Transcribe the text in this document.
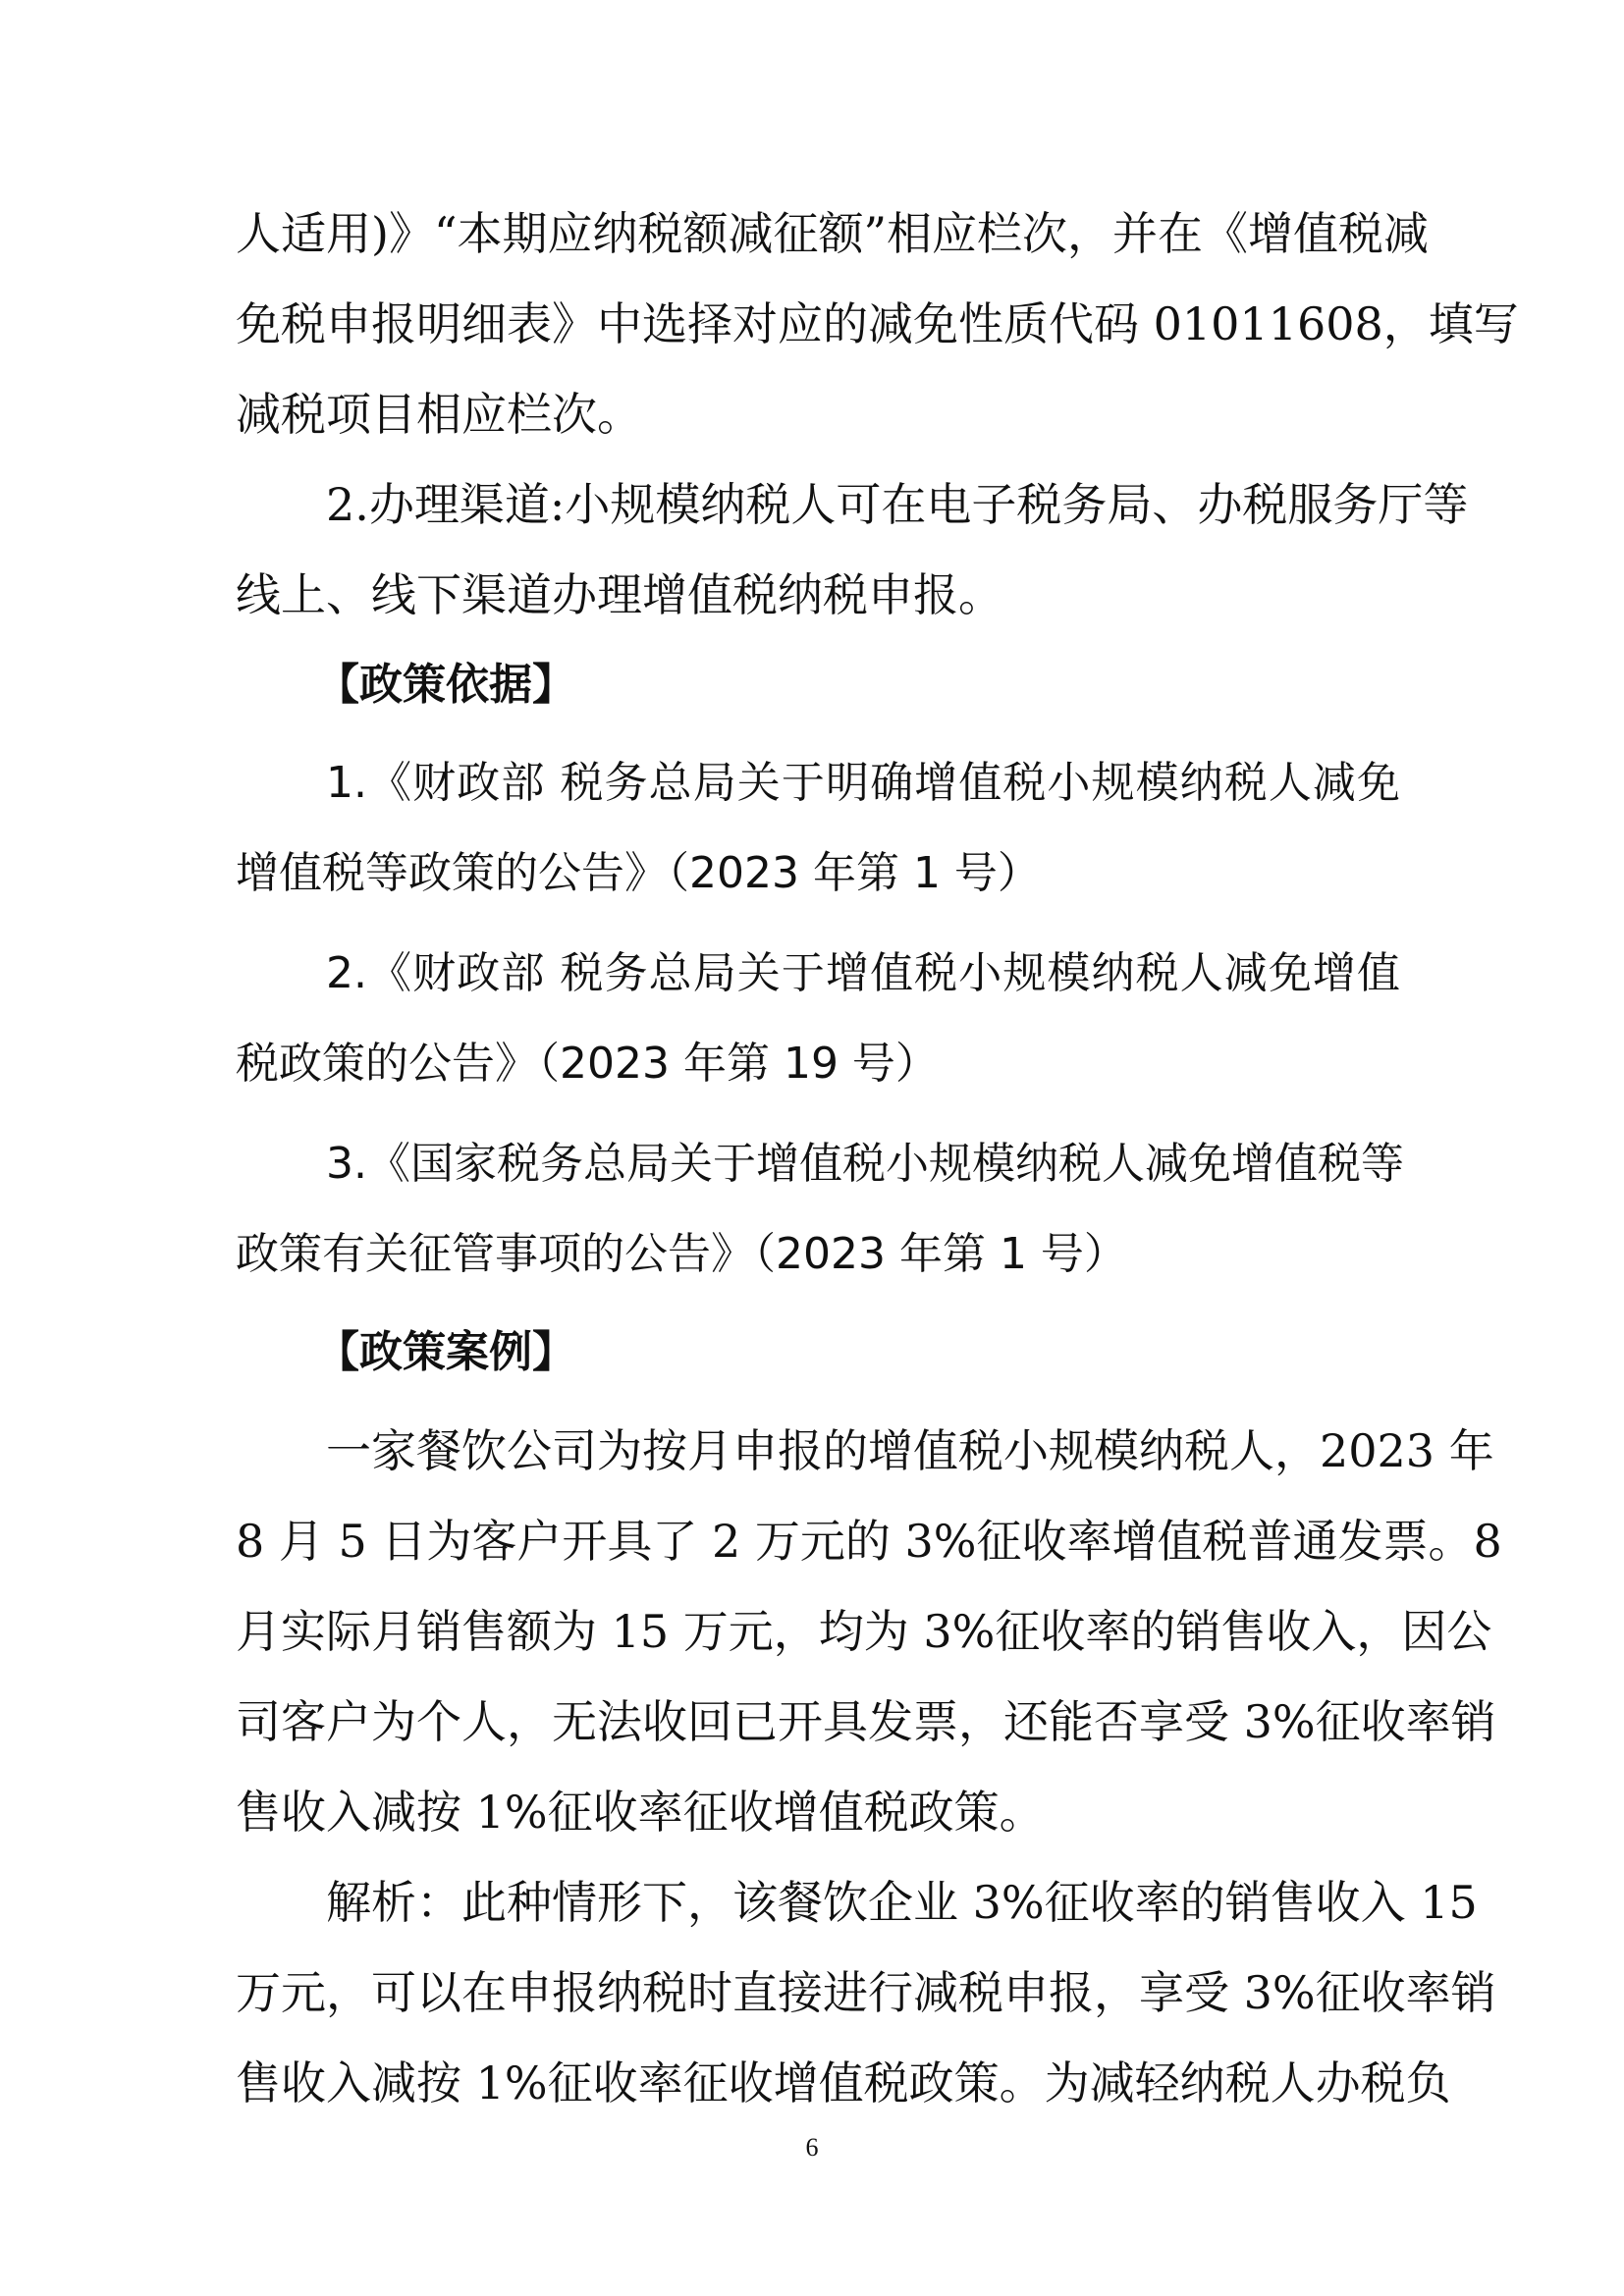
人适用)》“本期应纳税额减征额”相应栏次，并在《增值税减

免税申报明细表》中选择对应的减免性质代码 01011608，填写

减税项目相应栏次。

2.办理渠道:小规模纳税人可在电子税务局、办税服务厅等

线上、线下渠道办理增值税纳税申报。

【政策依据】

1.《财政部 税务总局关于明确增值税小规模纳税人减免

增值税等政策的公告》（2023 年第 1 号）

2.《财政部 税务总局关于增值税小规模纳税人减免增值

税政策的公告》（2023 年第 19 号）

3.《国家税务总局关于增值税小规模纳税人减免增值税等

政策有关征管事项的公告》（2023 年第 1 号）

【政策案例】

一家餐饮公司为按月申报的增值税小规模纳税人，2023 年

8 月 5 日为客户开具了 2 万元的 3%征收率增值税普通发票。8

月实际月销售额为 15 万元，均为 3%征收率的销售收入，因公

司客户为个人，无法收回已开具发票，还能否享受 3%征收率销

售收入减按 1%征收率征收增值税政策。

解析：此种情形下，该餐饮企业 3%征收率的销售收入 15

万元，可以在申报纳税时直接进行减税申报，享受 3%征收率销

售收入减按 1%征收率征收增值税政策。为减轻纳税人办税负

6
